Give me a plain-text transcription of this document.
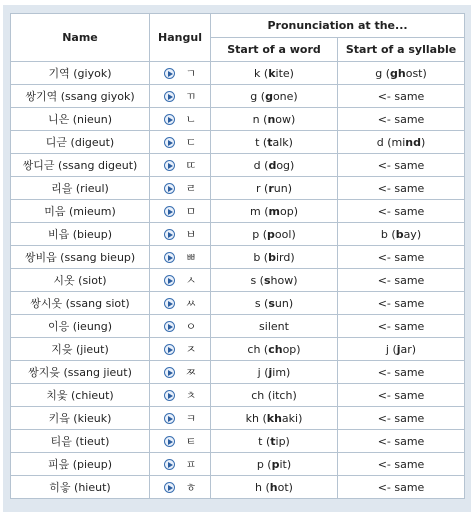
Name	Hangul	Pronunciation at the...	
		Start of a word	Start of a syllable
기역 (giyok)	ㄱ	k (kite)	g (ghost)
쌍기역 (ssang giyok)	ㄲ	g (gone)	<- same
니은 (nieun)	ㄴ	n (now)	<- same
디귿 (digeut)	ㄷ	t (talk)	d (mind)
쌍디귿 (ssang digeut)	ㄸ	d (dog)	<- same
리을 (rieul)	ㄹ	r (run)	<- same
미음 (mieum)	ㅁ	m (mop)	<- same
비읍 (bieup)	ㅂ	p (pool)	b (bay)
쌍비읍 (ssang bieup)	ㅃ	b (bird)	<- same
시옷 (siot)	ㅅ	s (show)	<- same
쌍시옷 (ssang siot)	ㅆ	s (sun)	<- same
이응 (ieung)	ㅇ	silent	<- same
지읒 (jieut)	ㅈ	ch (chop)	j (jar)
쌍지읒 (ssang jieut)	ㅉ	j (jim)	<- same
치읓 (chieut)	ㅊ	ch (itch)	<- same
키읔 (kieuk)	ㅋ	kh (khaki)	<- same
티읕 (tieut)	ㅌ	t (tip)	<- same
피읖 (pieup)	ㅍ	p (pit)	<- same
히읗 (hieut)	ㅎ	h (hot)	<- same
